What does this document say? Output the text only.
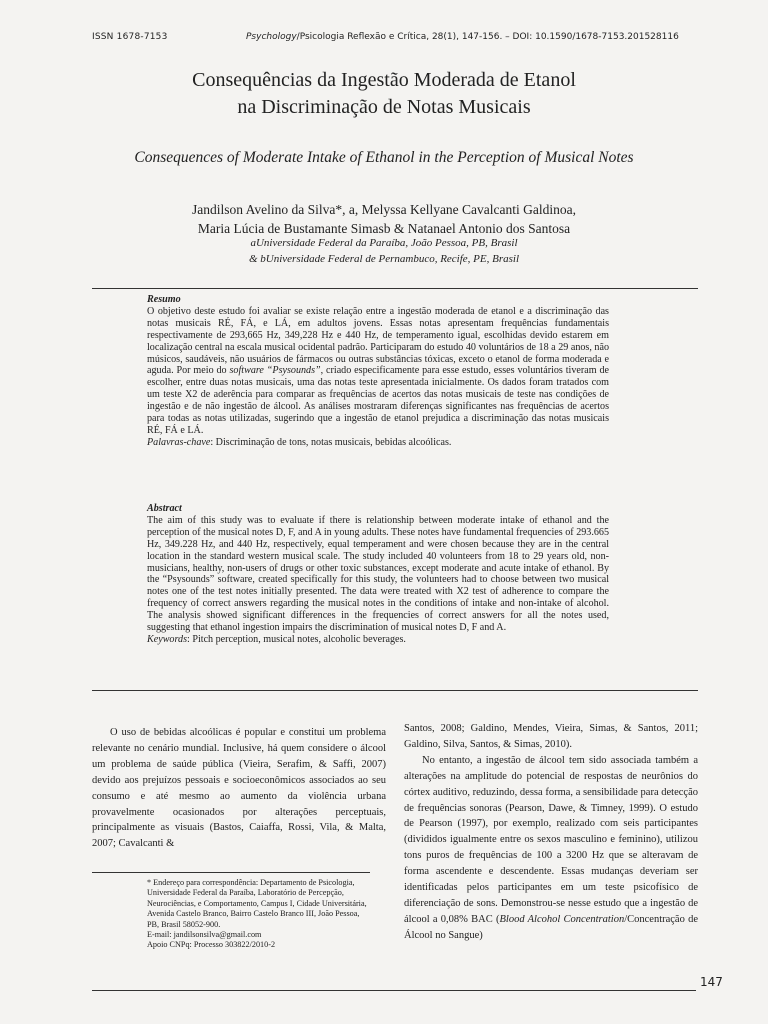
ISSN 1678-7153	Psychology/Psicologia Reflexão e Crítica, 28(1), 147-156. – DOI: 10.1590/1678-7153.201528116
Consequências da Ingestão Moderada de Etanol
na Discriminação de Notas Musicais
Consequences of Moderate Intake of Ethanol in the Perception of Musical Notes
Jandilson Avelino da Silva*, a, Melyssa Kellyane Cavalcanti Galdinoa,
Maria Lúcia de Bustamante Simasb & Natanael Antonio dos Santosa
aUniversidade Federal da Paraíba, João Pessoa, PB, Brasil
& bUniversidade Federal de Pernambuco, Recife, PE, Brasil
Resumo

O objetivo deste estudo foi avaliar se existe relação entre a ingestão moderada de etanol e a discriminação das notas musicais RÉ, FÁ, e LÁ, em adultos jovens. Essas notas apresentam frequências fundamentais respectivamente de 293,665 Hz, 349,228 Hz e 440 Hz, de temperamento igual, escolhidas devido estarem em localização central na escala musical ocidental padrão. Participaram do estudo 40 voluntários de 18 a 29 anos, não músicos, saudáveis, não usuários de fármacos ou outras substâncias tóxicas, exceto o etanol de forma moderada e aguda. Por meio do software “Psysounds”, criado especificamente para esse estudo, esses voluntários tiveram de escolher, entre duas notas musicais, uma das notas teste apresentada inicialmente. Os dados foram tratados com um teste X2 de aderência para comparar as frequências de acertos das notas musicais de teste nas condições de ingestão e de não ingestão de álcool. As análises mostraram diferenças significantes nas frequências de acertos para todas as notas utilizadas, sugerindo que a ingestão de etanol prejudica a discriminação das notas musicais RÉ, FÁ e LÁ.

Palavras-chave: Discriminação de tons, notas musicais, bebidas alcoólicas.

Abstract

The aim of this study was to evaluate if there is relationship between moderate intake of ethanol and the perception of the musical notes D, F, and A in young adults. These notes have fundamental frequencies of 293.665 Hz, 349.228 Hz, and 440 Hz, respectively, equal temperament and were chosen because they are in the central location in the standard western musical scale. The study included 40 volunteers from 18 to 29 years old, non-musicians, healthy, non-users of drugs or other toxic substances, except moderate and acute intake of ethanol. By the “Psysounds” software, created specifically for this study, the volunteers had to choose between two musical notes one of the test notes initially presented. The data were treated with X2 test of adherence to compare the frequency of correct answers regarding the musical notes in the conditions of intake and non-intake of alcohol. The analysis showed significant differences in the frequencies of correct answers for all the notes used, suggesting that ethanol ingestion impairs the discrimination of musical notes D, F and A.

Keywords: Pitch perception, musical notes, alcoholic beverages.

O uso de bebidas alcoólicas é popular e constitui um problema relevante no cenário mundial. Inclusive, há quem considere o álcool um problema de saúde pública (Vieira, Serafim, & Saffi, 2007) devido aos prejuízos pessoais e socioeconômicos associados ao seu consumo e até mesmo ao aumento da violência urbana provavelmente ocasionados por alterações perceptuais, principalmente as visuais (Bastos, Caiaffa, Rossi, Vila, & Malta, 2007; Cavalcanti &

Santos, 2008; Galdino, Mendes, Vieira, Simas, & Santos, 2011; Galdino, Silva, Santos, & Simas, 2010).

No entanto, a ingestão de álcool tem sido associada também a alterações na amplitude do potencial de respostas de neurônios do córtex auditivo, reduzindo, dessa forma, a sensibilidade para detecção de frequências sonoras (Pearson, Dawe, & Timney, 1999). O estudo de Pearson (1997), por exemplo, realizado com seis participantes (divididos igualmente entre os sexos masculino e feminino), utilizou tons puros de frequências de 100 a 3200 Hz que se alteravam de forma ascendente e descendente. Essas mudanças deveriam ser identificadas pelos participantes em um teste psicofísico de diferenciação de sons. Demonstrou-se nesse estudo que a ingestão de álcool a 0,08% BAC (Blood Alcohol Concentration/Concentração de Álcool no Sangue)

* Endereço para correspondência: Departamento de Psicologia, Universidade Federal da Paraíba, Laboratório de Percepção, Neurociências, e Comportamento, Campus I, Cidade Universitária, Avenida Castelo Branco, Bairro Castelo Branco III, João Pessoa, PB, Brasil 58052-900.

E-mail: jandilsonsilva@gmail.com

Apoio CNPq: Processo 303822/2010-2

147
